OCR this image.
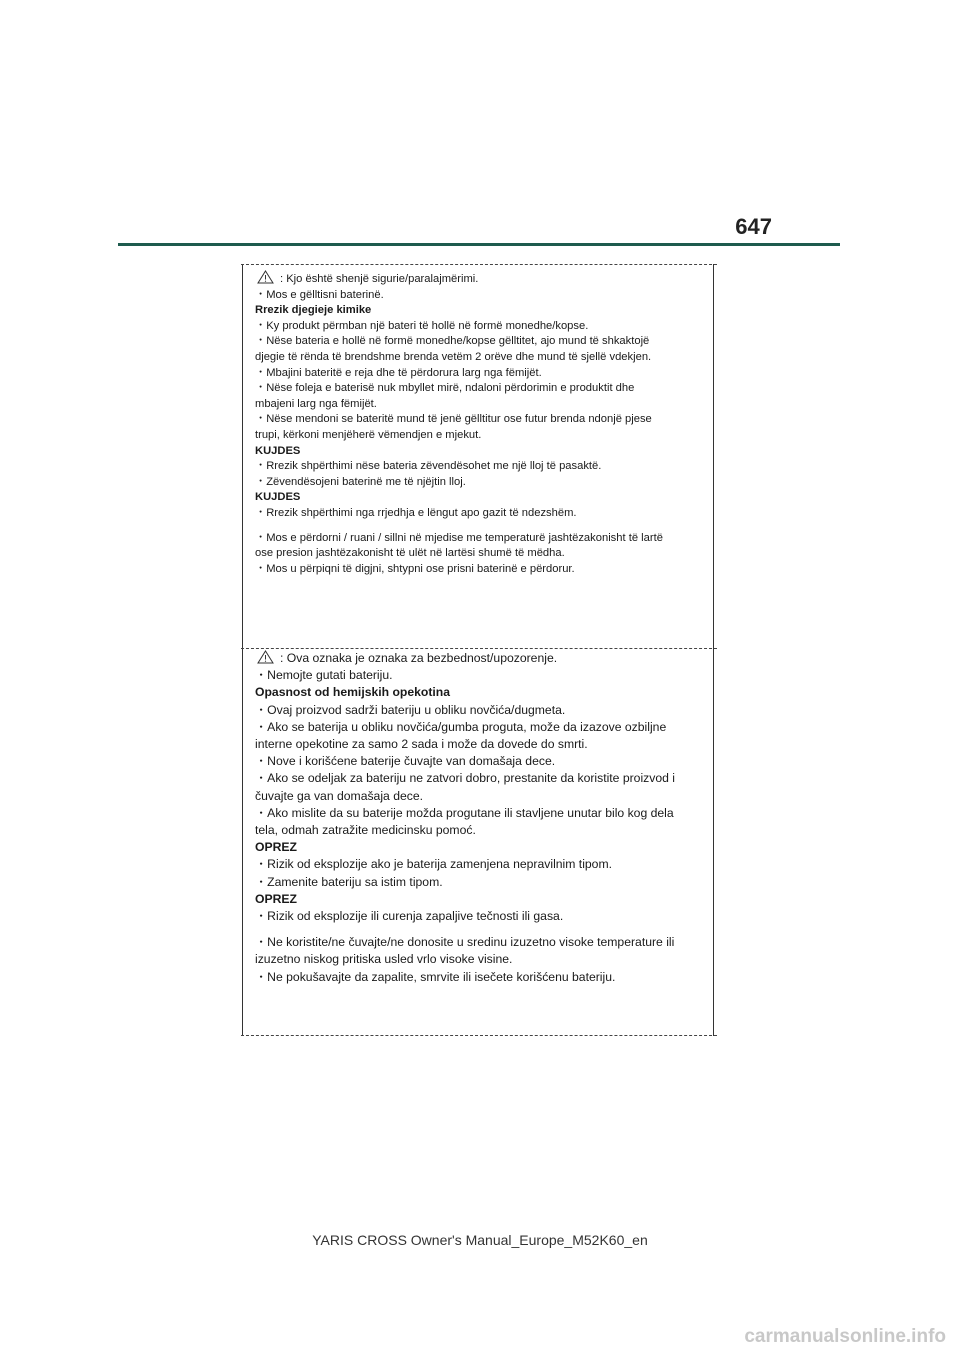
647
: Kjo është shenjë sigurie/paralajmërimi.
・Mos e gëlltisni baterinë.
Rrezik djegieje kimike
・Ky produkt përmban një bateri të hollë në formë monedhe/kopse.
・Nëse bateria e hollë në formë monedhe/kopse gëlltitet, ajo mund të shkaktojë
djegie të rënda të brendshme brenda vetëm 2 orëve dhe mund të sjellë vdekjen.
・Mbajini bateritë e reja dhe të përdorura larg nga fëmijët.
・Nëse foleja e baterisë nuk mbyllet mirë, ndaloni përdorimin e produktit dhe
mbajeni larg nga fëmijët.
・Nëse mendoni se bateritë mund të jenë gëlltitur ose futur brenda ndonjë pjese
trupi, kërkoni menjëherë vëmendjen e mjekut.
KUJDES
・Rrezik shpërthimi nëse bateria zëvendësohet me një lloj të pasaktë.
・Zëvendësojeni baterinë me të njëjtin lloj.
KUJDES
・Rrezik shpërthimi nga rrjedhja e lëngut apo gazit të ndezshëm.
・Mos e përdorni / ruani / sillni në mjedise me temperaturë jashtëzakonisht të lartë
ose presion jashtëzakonisht të ulët në lartësi shumë të mëdha.
・Mos u përpiqni të digjni, shtypni ose prisni baterinë e përdorur.
: Ova oznaka je oznaka za bezbednost/upozorenje.
・Nemojte gutati bateriju.
Opasnost od hemijskih opekotina
・Ovaj proizvod sadrži bateriju u obliku novčića/dugmeta.
・Ako se baterija u obliku novčića/gumba proguta, može da izazove ozbiljne
interne opekotine za samo 2 sada i može da dovede do smrti.
・Nove i korišćene baterije čuvajte van domašaja dece.
・Ako se odeljak za bateriju ne zatvori dobro, prestanite da koristite proizvod i
čuvajte ga van domašaja dece.
・Ako mislite da su baterije možda progutane ili stavljene unutar bilo kog dela
tela, odmah zatražite medicinsku pomoć.
OPREZ
・Rizik od eksplozije ako je baterija zamenjena nepravilnim tipom.
・Zamenite bateriju sa istim tipom.
OPREZ
・Rizik od eksplozije ili curenja zapaljive tečnosti ili gasa.
・Ne koristite/ne čuvajte/ne donosite u sredinu izuzetno visoke temperature ili
izuzetno niskog pritiska usled vrlo visoke visine.
・Ne pokušavajte da zapalite, smrvite ili isečete korišćenu bateriju.
YARIS CROSS Owner's Manual_Europe_M52K60_en
carmanualsonline.info
